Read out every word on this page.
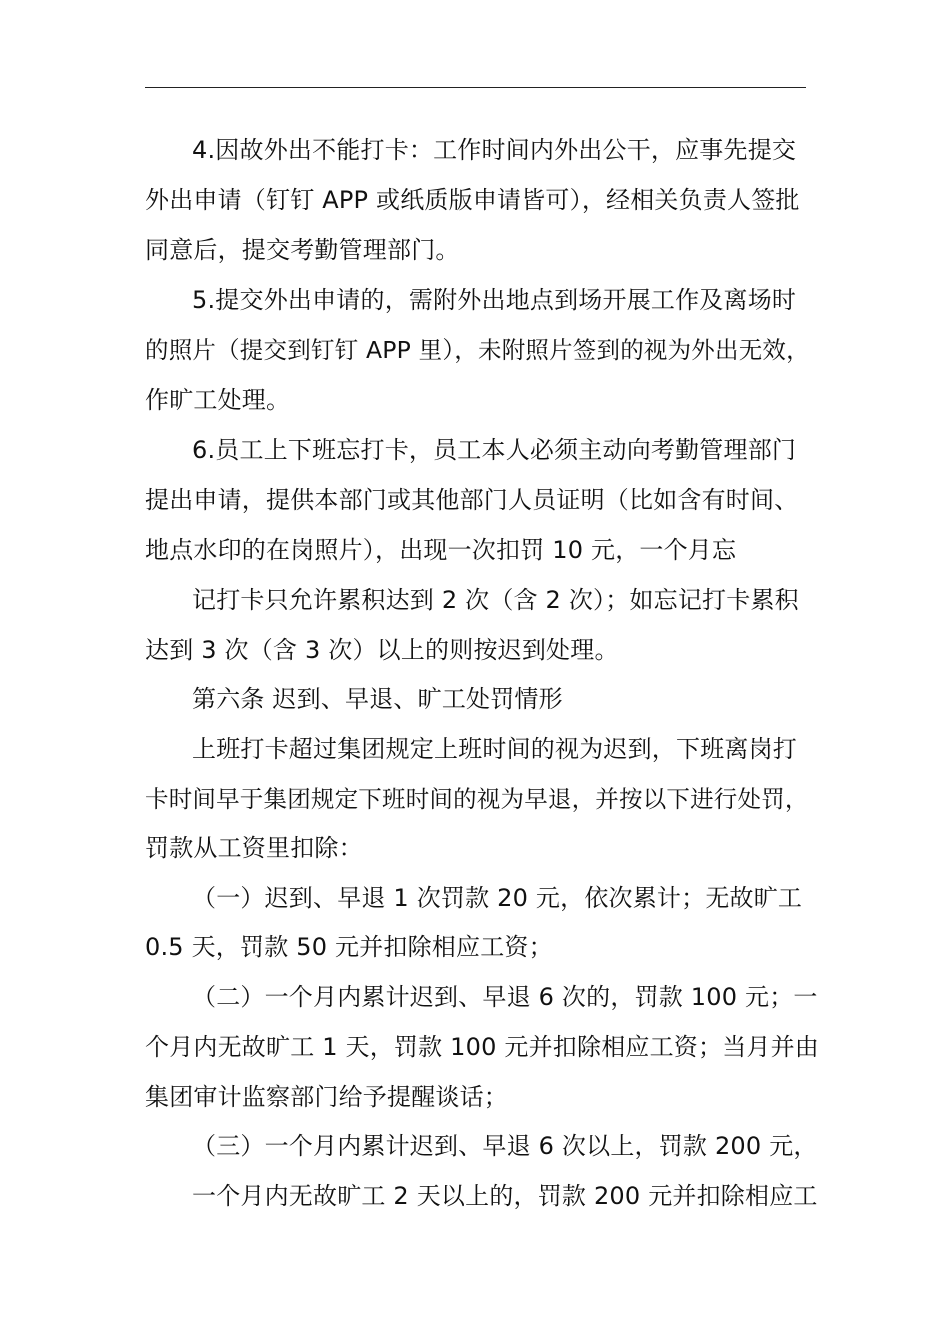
4.因故外出不能打卡：工作时间内外出公干，应事先提交
外出申请（钉钉 APP 或纸质版申请皆可），经相关负责人签批
同意后，提交考勤管理部门。
5.提交外出申请的，需附外出地点到场开展工作及离场时
的照片（提交到钉钉 APP 里），未附照片签到的视为外出无效，
作旷工处理。
6.员工上下班忘打卡，员工本人必须主动向考勤管理部门
提出申请，提供本部门或其他部门人员证明（比如含有时间、
地点水印的在岗照片），出现一次扣罚 10 元，一个月忘
记打卡只允许累积达到 2 次（含 2 次）；如忘记打卡累积
达到 3 次（含 3 次）以上的则按迟到处理。
第六条 迟到、早退、旷工处罚情形
上班打卡超过集团规定上班时间的视为迟到，下班离岗打
卡时间早于集团规定下班时间的视为早退，并按以下进行处罚，
罚款从工资里扣除：
（一）迟到、早退 1 次罚款 20 元，依次累计；无故旷工
0.5 天，罚款 50 元并扣除相应工资；
（二）一个月内累计迟到、早退 6 次的，罚款 100 元；一
个月内无故旷工 1 天，罚款 100 元并扣除相应工资；当月并由
集团审计监察部门给予提醒谈话；
（三）一个月内累计迟到、早退 6 次以上，罚款 200 元，
一个月内无故旷工 2 天以上的，罚款 200 元并扣除相应工
